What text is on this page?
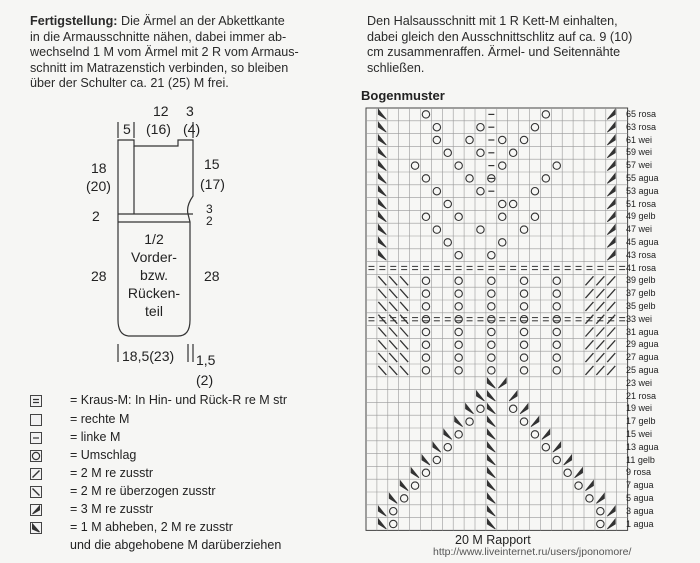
Fertigstellung: Die Ärmel an der Abkettkante
in die Armausschnitte nähen, dabei immer ab-
wechselnd 1 M vom Ärmel mit 2 R vom Armaus-
schnitt im Matrazenstich verbinden, so bleiben
über der Schulter ca. 21 (25) M frei.
Den Halsausschnitt mit 1 R Kett-M einhalten,
dabei gleich den Ausschnittschlitz auf ca. 9 (10)
cm zusammenraffen. Ärmel- und Seitennähte
schließen.
12
(16)
3
(4)
5
18
(20)
15
(17)
2	3
2
1/2
Vorder-
bzw.
Rücken-
teil
28	28
18,5(23) 1,5
(2)
= Kraus-M: In Hin- und Rück-R re M str
= rechte M
= linke M
= Umschlag
= 2 M re zusstr
= 2 M re überzogen zusstr
= 3 M re zusstr
= 1 M abheben, 2 M re zusstr
und die abgehobene M darüberziehen
Bogenmuster
65 rosa
63 rosa
61 wei
59 wei
57 wei
55 agua
53 agua
51 rosa
49 gelb
47 wei
45 agua
43 rosa
41 rosa
39 gelb
37 gelb
35 gelb
33 wei
31 agua
29 agua
27 agua
25 agua
23 wei
21 rosa
19 wei
17 gelb
15 wei
13 agua
11 gelb
9 rosa
7 agua
5 agua
3 agua
1 agua
20 M Rapport
http://www.liveinternet.ru/users/jponomore/
